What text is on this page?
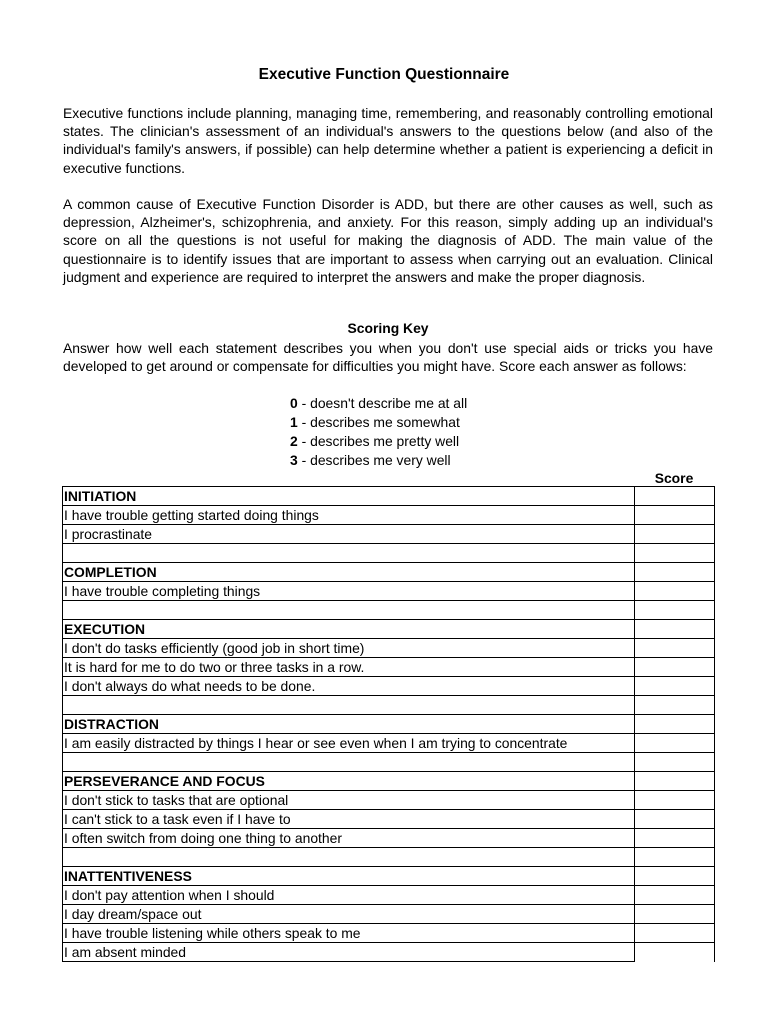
Executive Function Questionnaire

Executive functions include planning, managing time, remembering, and reasonably controlling emotional states. The clinician's assessment of an individual's answers to the questions below (and also of the individual's family's answers, if possible) can help determine whether a patient is experiencing a deficit in executive functions.

A common cause of Executive Function Disorder is ADD, but there are other causes as well, such as depression, Alzheimer's, schizophrenia, and anxiety. For this reason, simply adding up an individual's score on all the questions is not useful for making the diagnosis of ADD. The main value of the questionnaire is to identify issues that are important to assess when carrying out an evaluation. Clinical judgment and experience are required to interpret the answers and make the proper diagnosis.

Scoring Key

Answer how well each statement describes you when you don't use special aids or tricks you have developed to get around or compensate for difficulties you might have. Score each answer as follows:

0 - doesn't describe me at all
1 - describes me somewhat
2 - describes me pretty well
3 - describes me very well
Score
INITIATION	
I have trouble getting started doing things	
I procrastinate	

COMPLETION	
I have trouble completing things	

EXECUTION	
I don't do tasks efficiently (good job in short time)	
It is hard for me to do two or three tasks in a row.	
I don't always do what needs to be done.	

DISTRACTION	
I am easily distracted by things I hear or see even when I am trying to concentrate	

PERSEVERANCE AND FOCUS	
I don't stick to tasks that are optional	
I can't stick to a task even if I have to	
I often switch from doing one thing to another	

INATTENTIVENESS	
I don't pay attention when I should	
I day dream/space out	
I have trouble listening while others speak to me	
I am absent minded	
